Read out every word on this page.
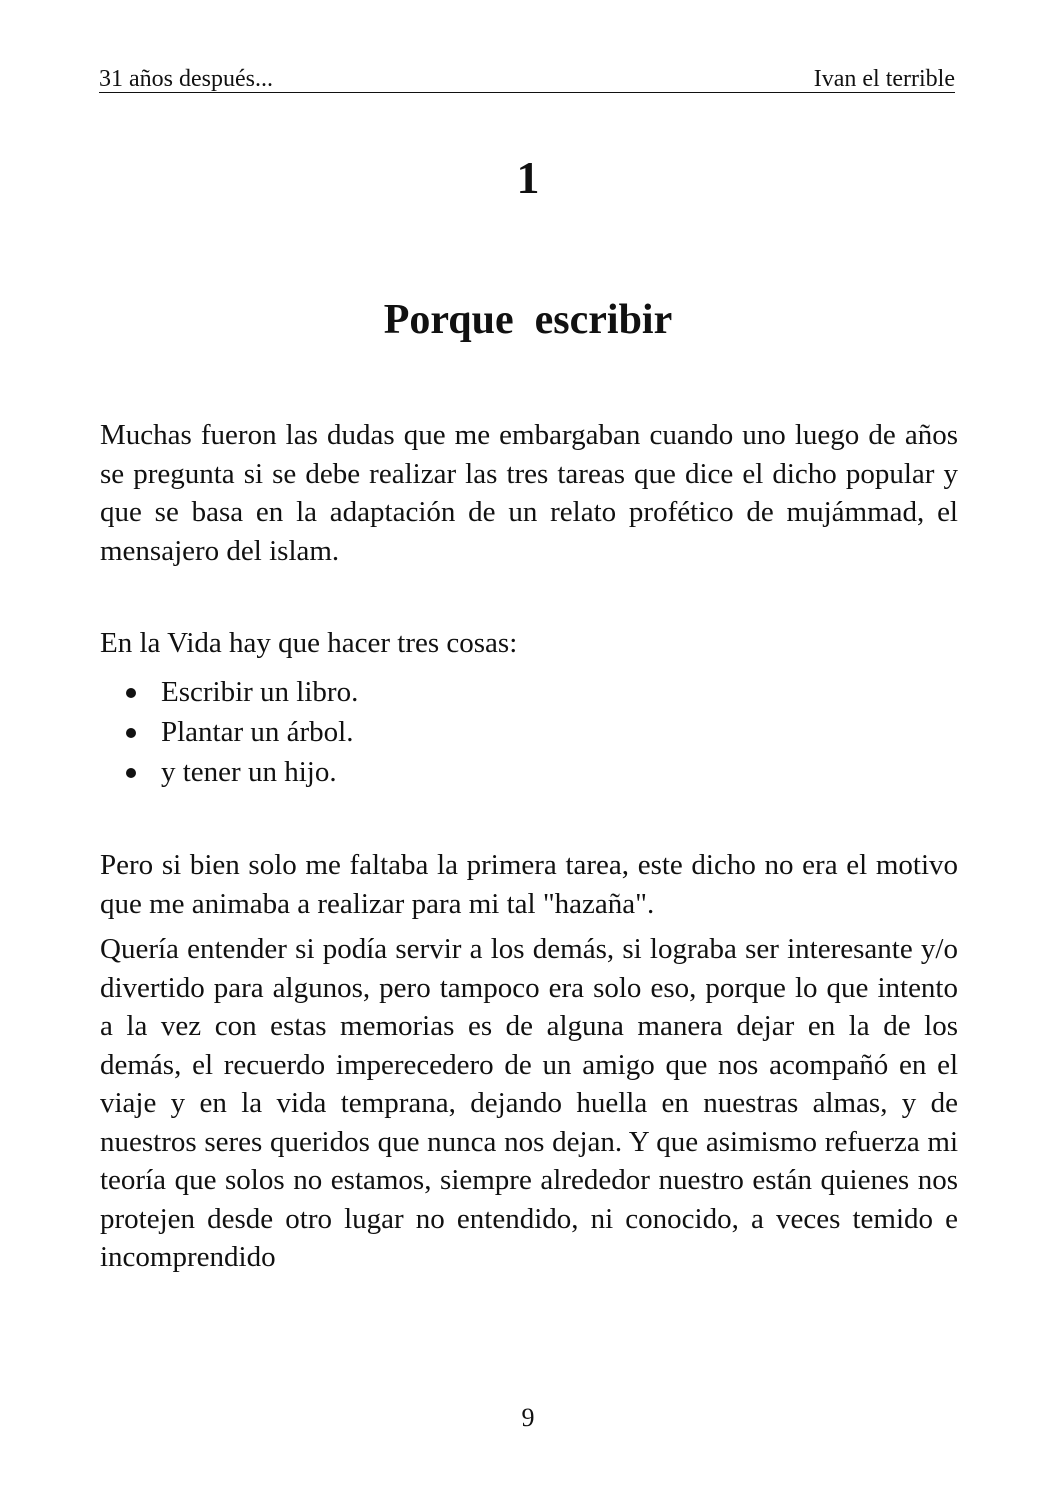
31 años después...	Ivan el terrible
1
Porque  escribir

Muchas fueron las dudas que me embargaban cuando uno luego de años se pregunta si se debe realizar las tres tareas que dice el dicho popular y que se basa en la adaptación de un relato profético de mujámmad, el mensajero del islam.

En la Vida hay que hacer tres cosas:

Escribir un libro.
Plantar un árbol.
y tener un hijo.

Pero si bien solo me faltaba la primera tarea, este dicho no era el motivo que me animaba a realizar para mi tal "hazaña".

Quería entender si podía servir a los demás, si lograba ser interesante y/o divertido para algunos, pero tampoco era solo eso, porque lo que intento a la vez con estas memorias es de alguna manera dejar en la de los demás, el recuerdo imperecedero de un amigo que nos acompañó en el viaje y en la vida temprana, dejando huella en nuestras almas, y de nuestros seres queridos que nunca nos dejan. Y que asimismo refuerza mi teoría que solos no estamos, siempre alrededor nuestro están quienes nos protejen desde otro lugar no entendido, ni conocido, a veces temido e incomprendido

9
